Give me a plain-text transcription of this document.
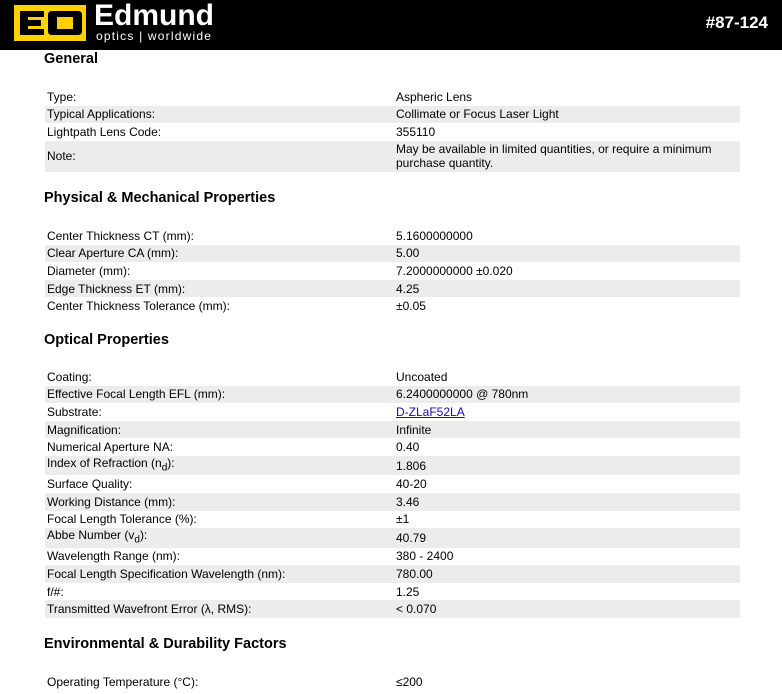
Edmund
optics | worldwide
#87-124
General
Type:	Aspheric Lens
Typical Applications:	Collimate or Focus Laser Light
Lightpath Lens Code:	355110
Note:	May be available in limited quantities, or require a minimum purchase quantity.
Physical & Mechanical Properties
Center Thickness CT (mm):	5.1600000000
Clear Aperture CA (mm):	5.00
Diameter (mm):	7.2000000000 ±0.020
Edge Thickness ET (mm):	4.25
Center Thickness Tolerance (mm):	±0.05
Optical Properties
Coating:	Uncoated
Effective Focal Length EFL (mm):	6.2400000000 @ 780nm
Substrate:	D-ZLaF52LA
Magnification:	Infinite
Numerical Aperture NA:	0.40
Index of Refraction $(n_d)$:	1.806
Surface Quality:	40-20
Working Distance (mm):	3.46
Focal Length Tolerance (%):	±1
Abbe Number $(v_d)$:	40.79
Wavelength Range (nm):	380 - 2400
Focal Length Specification Wavelength (nm):	780.00
f/#:	1.25
Transmitted Wavefront Error (λ, RMS):	< 0.070
Environmental & Durability Factors
Operating Temperature (°C):	≤200
